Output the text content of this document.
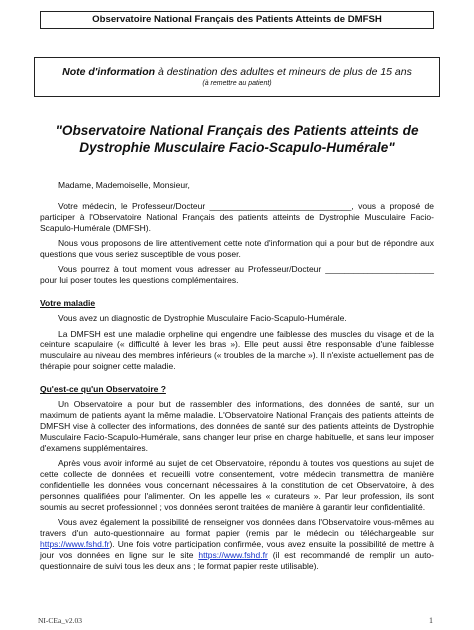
Observatoire National Français des Patients Atteints de DMFSH
Note d'information à destination des adultes et mineurs de plus de 15 ans
(à remettre au patient)
"Observatoire National Français des Patients atteints de
Dystrophie Musculaire Facio-Scapulo-Humérale"

Madame, Mademoiselle, Monsieur,

Votre médecin, le Professeur/Docteur ______________________________, vous a proposé de participer à l'Observatoire National Français des patients atteints de Dystrophie Musculaire Facio-Scapulo-Humérale (DMFSH).

Nous vous proposons de lire attentivement cette note d'information qui a pour but de répondre aux questions que vous seriez susceptible de vous poser.

Vous pourrez à tout moment vous adresser au Professeur/Docteur _______________________ pour lui poser toutes les questions complémentaires.

Votre maladie

Vous avez un diagnostic de Dystrophie Musculaire Facio-Scapulo-Humérale.

La DMFSH est une maladie orpheline qui engendre une faiblesse des muscles du visage et de la ceinture scapulaire (« difficulté à lever les bras »). Elle peut aussi être responsable d'une faiblesse musculaire au niveau des membres inférieurs (« troubles de la marche »). Il n'existe actuellement pas de thérapie pour soigner cette maladie.

Qu'est-ce qu'un Observatoire ?

Un Observatoire a pour but de rassembler des informations, des données de santé, sur un maximum de patients ayant la même maladie. L'Observatoire National Français des patients atteints de DMFSH vise à collecter des informations, des données de santé sur des patients atteints de Dystrophie Musculaire Facio-Scapulo-Humérale, sans changer leur prise en charge habituelle, et sans leur imposer d'examens supplémentaires.

Après vous avoir informé au sujet de cet Observatoire, répondu à toutes vos questions au sujet de cette collecte de données et recueilli votre consentement, votre médecin transmettra de manière confidentielle les données vous concernant nécessaires à la constitution de cet Observatoire, à des personnes qualifiées pour l'alimenter. On les appelle les « curateurs ». Par leur profession, ils sont soumis au secret professionnel ; vos données seront traitées de manière à garantir leur confidentialité.

Vous avez également la possibilité de renseigner vos données dans l'Observatoire vous-mêmes au travers d'un auto-questionnaire au format papier (remis par le médecin ou téléchargeable sur https://www.fshd.fr). Une fois votre participation confirmée, vous avez ensuite la possibilité de mettre à jour vos données en ligne sur le site https://www.fshd.fr (il est recommandé de remplir un auto-questionnaire de suivi tous les deux ans ; le format papier reste utilisable).

NI-CEa_v2.03	1
